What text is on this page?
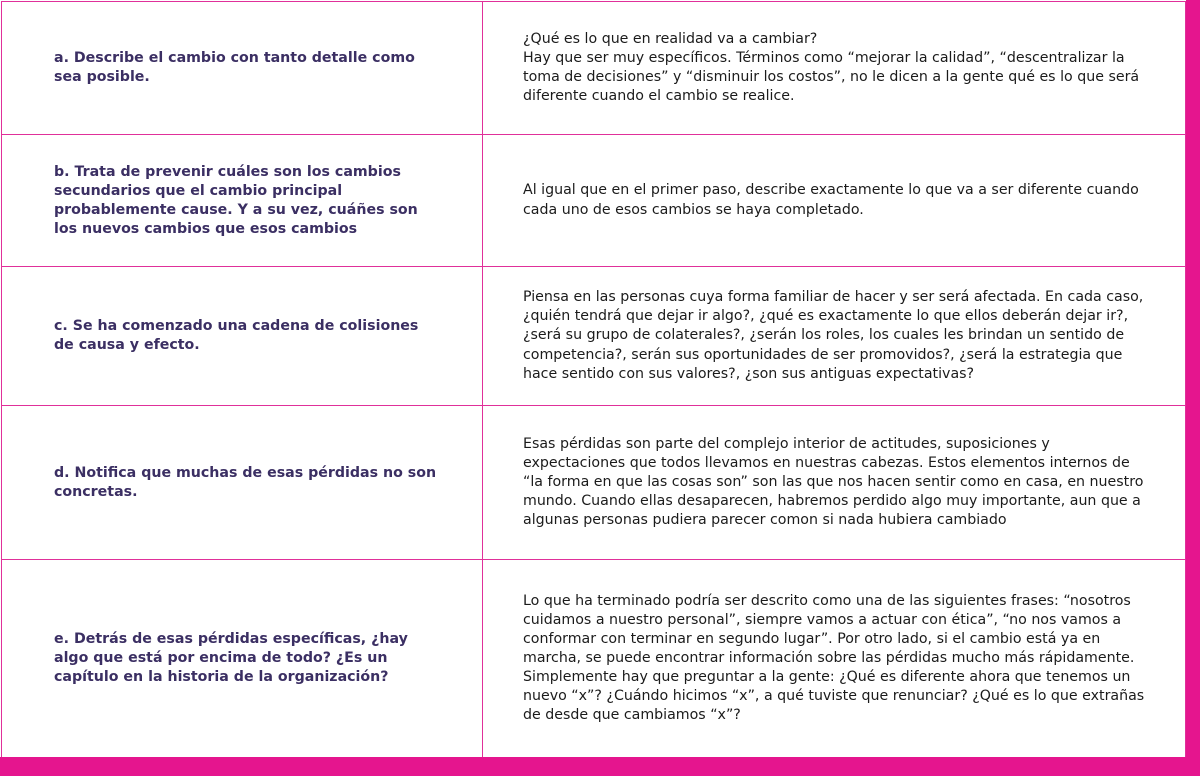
a. Describe el cambio con tanto detalle como sea posible.	¿Qué es lo que en realidad va a cambiar?
Hay que ser muy específicos. Términos como “mejorar la calidad”, “descentralizar la toma de decisiones” y “disminuir los costos”, no le dicen a la gente qué es lo que será diferente cuando el cambio se realice.

b. Trata de prevenir cuáles son los cambios secundarios que el cambio principal probablemente cause. Y a su vez, cuáñes son los nuevos cambios que esos cambios	Al igual que en el primer paso, describe exactamente lo que va a ser diferente cuando cada uno de esos cambios se haya completado.

c. Se ha comenzado una cadena de colisiones de causa y efecto.	Piensa en las personas cuya forma familiar de hacer y ser será afectada. En cada caso, ¿quién tendrá que dejar ir algo?, ¿qué es exactamente lo que ellos deberán dejar ir?, ¿será su grupo de colaterales?, ¿serán los roles, los cuales les brindan un sentido de competencia?, serán sus oportunidades de ser promovidos?, ¿será la estrategia que hace sentido con sus valores?, ¿son sus antiguas expectativas?

d. Notifica que muchas de esas pérdidas no son concretas.	Esas pérdidas son parte del complejo interior de actitudes, suposiciones y expectaciones que todos llevamos en nuestras cabezas. Estos elementos internos de “la forma en que las cosas son” son las que nos hacen sentir como en casa, en nuestro mundo. Cuando ellas desaparecen, habremos perdido algo muy importante, aun que a algunas personas pudiera parecer comon si nada hubiera cambiado

e. Detrás de esas pérdidas específicas, ¿hay algo que está por encima de todo? ¿Es un capítulo en la historia de la organización?	Lo que ha terminado podría ser descrito como una de las siguientes frases: “nosotros cuidamos a nuestro personal”, siempre vamos a actuar con ética”, “no nos vamos a conformar con terminar en segundo lugar”. Por otro lado, si el cambio está ya en marcha, se puede encontrar información sobre las pérdidas mucho más rápidamente. Simplemente hay que preguntar a la gente: ¿Qué es diferente ahora que tenemos un nuevo “x”? ¿Cuándo hicimos “x”, a qué tuviste que renunciar? ¿Qué es lo que extrañas de desde que cambiamos “x”?
